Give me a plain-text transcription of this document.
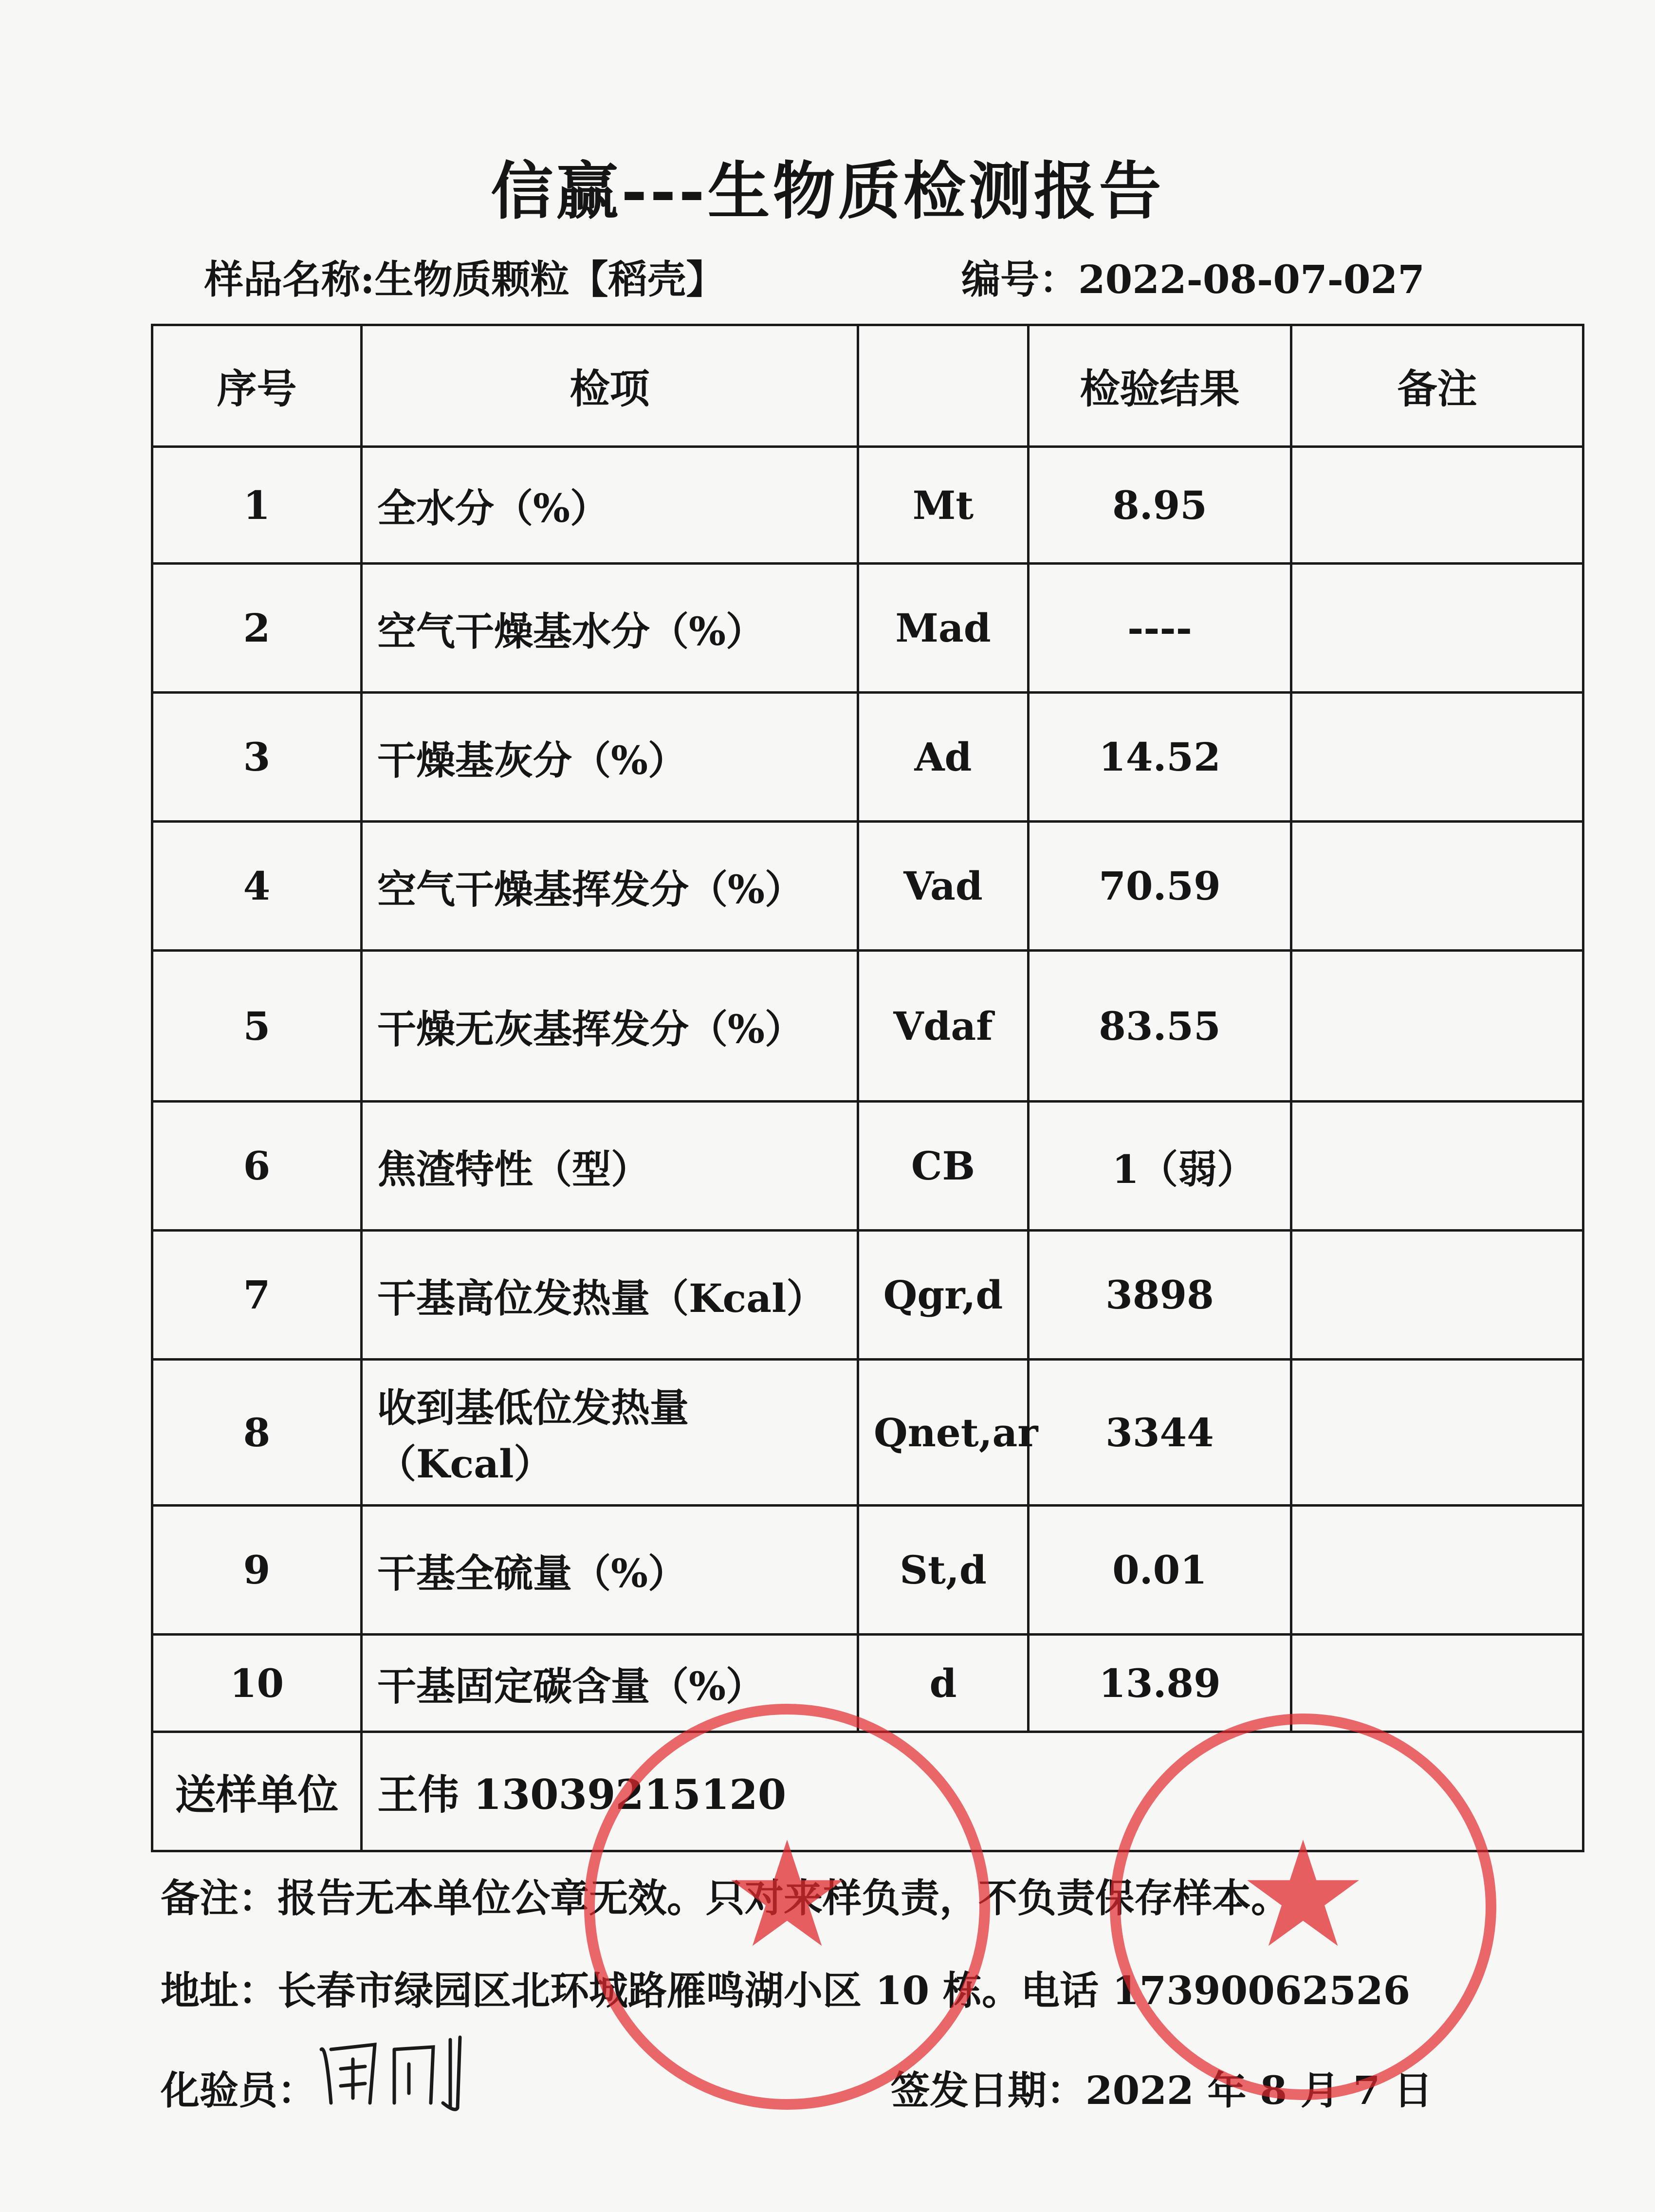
信赢---生物质检测报告
样品名称:生物质颗粒【稻壳】	编号：2022-08-07-027
序号	检项		检验结果	备注
1	全水分（%）	Mt	8.95	
2	空气干燥基水分（%）	Mad	----	
3	干燥基灰分（%）	Ad	14.52	
4	空气干燥基挥发分（%）	Vad	70.59	
5	干燥无灰基挥发分（%）	Vdaf	83.55	
6	焦渣特性（型）	CB	1（弱）	
7	干基高位发热量（Kcal）	Qgr,d	3898	
8	收到基低位发热量（Kcal）	Qnet,ar	3344	
9	干基全硫量（%）	St,d	0.01	
10	干基固定碳含量（%）	d	13.89	
送样单位	王伟 13039215120			
备注：报告无本单位公章无效。只对来样负责，不负责保存样本。
地址：长春市绿园区北环城路雁鸣湖小区 10 栋。电话 17390062526
化验员：	签发日期：2022 年 8 月 7 日
★	★
